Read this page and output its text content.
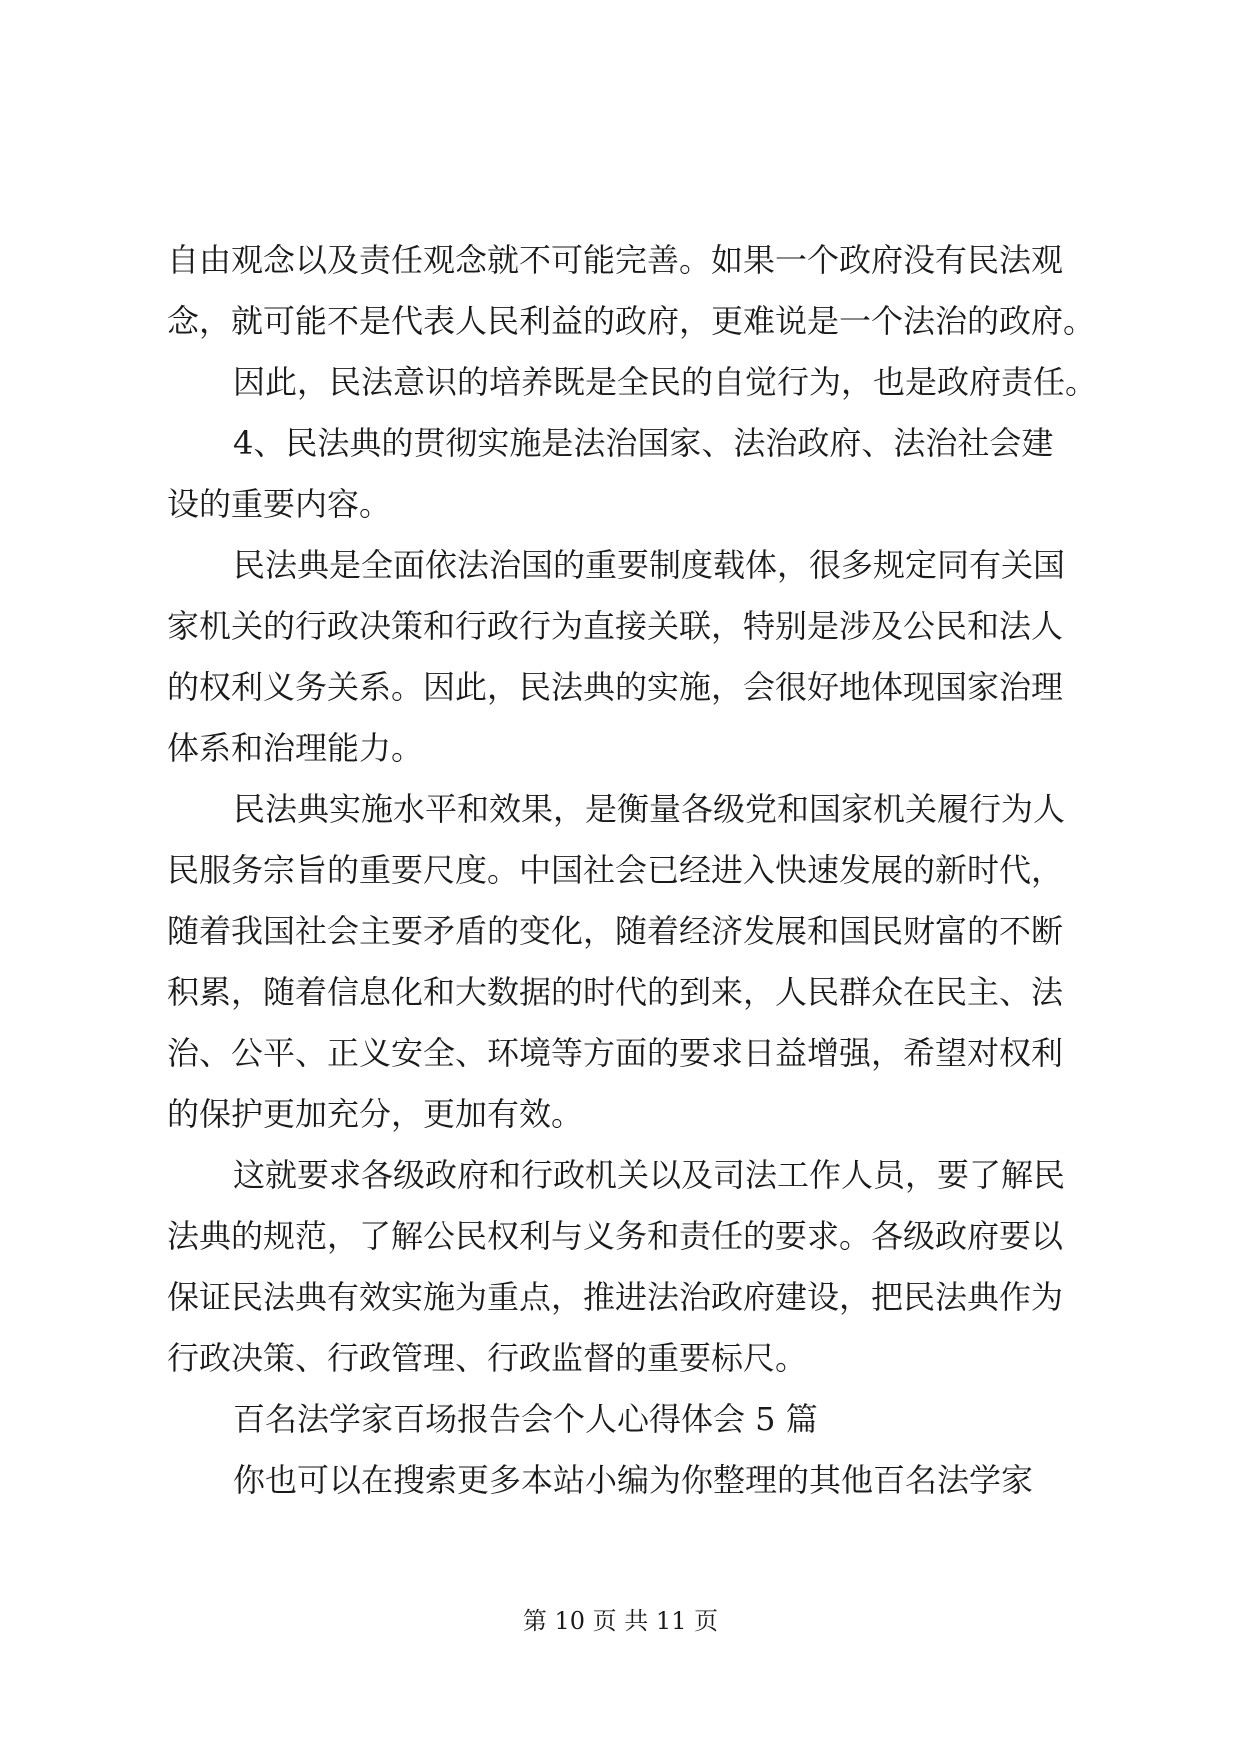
自由观念以及责任观念就不可能完善。如果一个政府没有民法观
念，就可能不是代表人民利益的政府，更难说是一个法治的政府。
因此，民法意识的培养既是全民的自觉行为，也是政府责任。
4、民法典的贯彻实施是法治国家、法治政府、法治社会建
设的重要内容。
民法典是全面依法治国的重要制度载体，很多规定同有关国
家机关的行政决策和行政行为直接关联，特别是涉及公民和法人
的权利义务关系。因此，民法典的实施，会很好地体现国家治理
体系和治理能力。
民法典实施水平和效果，是衡量各级党和国家机关履行为人
民服务宗旨的重要尺度。中国社会已经进入快速发展的新时代，
随着我国社会主要矛盾的变化，随着经济发展和国民财富的不断
积累，随着信息化和大数据的时代的到来，人民群众在民主、法
治、公平、正义安全、环境等方面的要求日益增强，希望对权利
的保护更加充分，更加有效。
这就要求各级政府和行政机关以及司法工作人员，要了解民
法典的规范，了解公民权利与义务和责任的要求。各级政府要以
保证民法典有效实施为重点，推进法治政府建设，把民法典作为
行政决策、行政管理、行政监督的重要标尺。
百名法学家百场报告会个人心得体会 5 篇
你也可以在搜索更多本站小编为你整理的其他百名法学家
第 10 页 共 11 页
